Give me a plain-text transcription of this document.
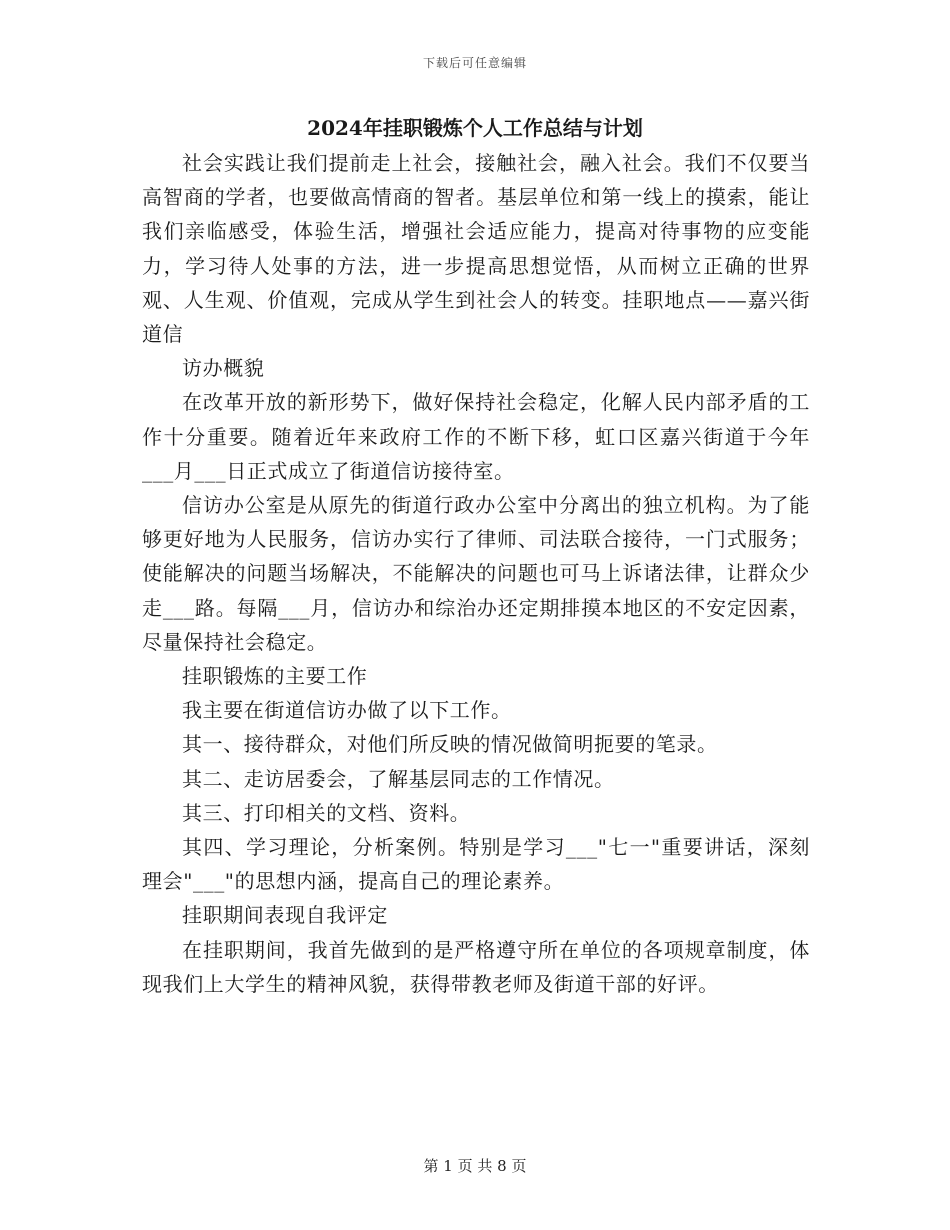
下载后可任意编辑
2024年挂职锻炼个人工作总结与计划

社会实践让我们提前走上社会，接触社会，融入社会。我们不仅要当高智商的学者，也要做高情商的智者。基层单位和第一线上的摸索，能让我们亲临感受，体验生活，增强社会适应能力，提高对待事物的应变能力，学习待人处事的方法，进一步提高思想觉悟，从而树立正确的世界观、人生观、价值观，完成从学生到社会人的转变。挂职地点——嘉兴街道信

访办概貌

在改革开放的新形势下，做好保持社会稳定，化解人民内部矛盾的工作十分重要。随着近年来政府工作的不断下移，虹口区嘉兴街道于今年___月___日正式成立了街道信访接待室。

信访办公室是从原先的街道行政办公室中分离出的独立机构。为了能够更好地为人民服务，信访办实行了律师、司法联合接待，一门式服务；使能解决的问题当场解决，不能解决的问题也可马上诉诸法律，让群众少走___路。每隔___月，信访办和综治办还定期排摸本地区的不安定因素，尽量保持社会稳定。

挂职锻炼的主要工作

我主要在街道信访办做了以下工作。

其一、接待群众，对他们所反映的情况做简明扼要的笔录。

其二、走访居委会，了解基层同志的工作情况。

其三、打印相关的文档、资料。

其四、学习理论，分析案例。特别是学习___"七一"重要讲话，深刻理会"___"的思想内涵，提高自己的理论素养。

挂职期间表现自我评定

在挂职期间，我首先做到的是严格遵守所在单位的各项规章制度，体现我们上大学生的精神风貌，获得带教老师及街道干部的好评。

第 1 页 共 8 页
